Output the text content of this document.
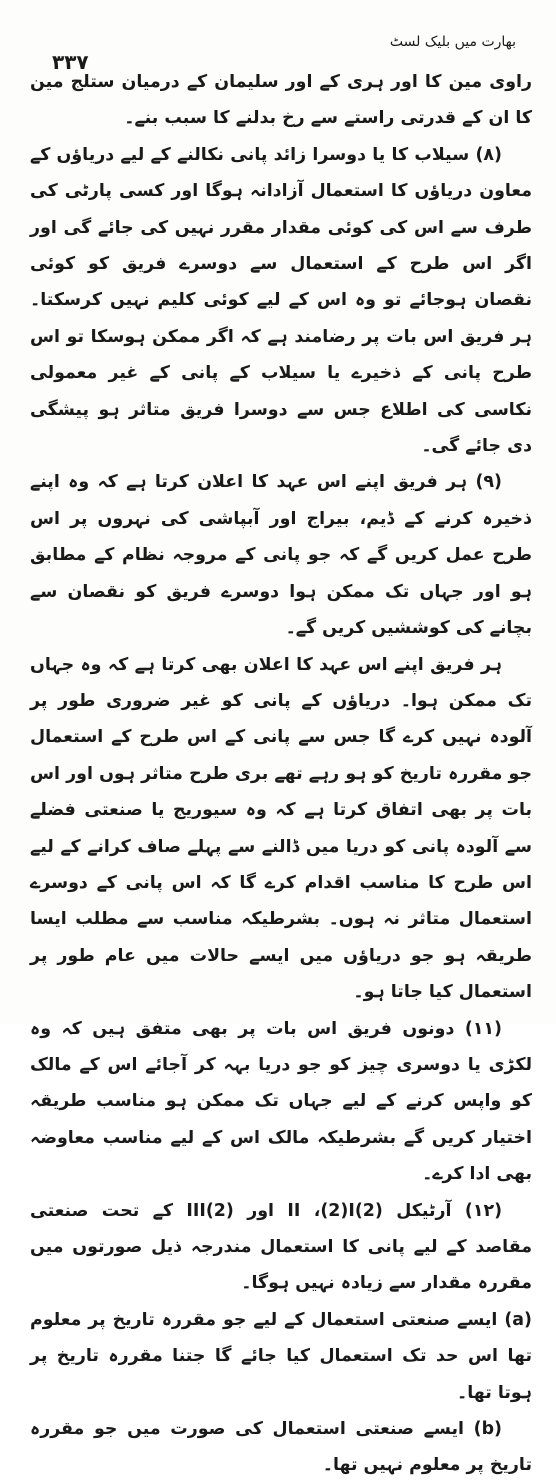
۳۳۷
بھارت میں بلیک لسٹ

راوی مین کا اور ہری کے اور سلیمان کے درمیان ستلج مین کا ان کے قدرتی راستے سے رخ بدلنے کا سبب بنے۔

(۸) سیلاب کا یا دوسرا زائد پانی نکالنے کے لیے دریاؤں کے معاون دریاؤں کا استعمال آزادانہ ہوگا اور کسی پارٹی کی طرف سے اس کی کوئی مقدار مقرر نہیں کی جائے گی اور اگر اس طرح کے استعمال سے دوسرے فریق کو کوئی نقصان ہوجائے تو وہ اس کے لیے کوئی کلیم نہیں کرسکتا۔ ہر فریق اس بات پر رضامند ہے کہ اگر ممکن ہوسکا تو اس طرح پانی کے ذخیرے یا سیلاب کے پانی کے غیر معمولی نکاسی کی اطلاع جس سے دوسرا فریق متاثر ہو پیشگی دی جائے گی۔

(۹) ہر فریق اپنے اس عہد کا اعلان کرتا ہے کہ وہ اپنے ذخیرہ کرنے کے ڈیم، بیراج اور آبپاشی کی نہروں پر اس طرح عمل کریں گے کہ جو پانی کے مروجہ نظام کے مطابق ہو اور جہاں تک ممکن ہوا دوسرے فریق کو نقصان سے بچانے کی کوششیں کریں گے۔

ہر فریق اپنے اس عہد کا اعلان بھی کرتا ہے کہ وہ جہاں تک ممکن ہوا۔ دریاؤں کے پانی کو غیر ضروری طور پر آلودہ نہیں کرے گا جس سے پانی کے اس طرح کے استعمال جو مقررہ تاریخ کو ہو رہے تھے بری طرح متاثر ہوں اور اس بات پر بھی اتفاق کرتا ہے کہ وہ سیوریج یا صنعتی فضلے سے آلودہ پانی کو دریا میں ڈالنے سے پہلے صاف کرانے کے لیے اس طرح کا مناسب اقدام کرے گا کہ اس پانی کے دوسرے استعمال متاثر نہ ہوں۔ بشرطیکہ مناسب سے مطلب ایسا طریقہ ہو جو دریاؤں میں ایسے حالات میں عام طور پر استعمال کیا جاتا ہو۔

(۱۱) دونوں فریق اس بات پر بھی متفق ہیں کہ وہ لکڑی یا دوسری چیز کو جو دریا بہہ کر آجائے اس کے مالک کو واپس کرنے کے لیے جہاں تک ممکن ہو مناسب طریقہ اختیار کریں گے بشرطیکہ مالک اس کے لیے مناسب معاوضہ بھی ادا کرے۔

(۱۲) آرٹیکل (2)II ،(2)I اور (2)III کے تحت صنعتی مقاصد کے لیے پانی کا استعمال مندرجہ ذیل صورتوں میں مقررہ مقدار سے زیادہ نہیں ہوگا۔

(a) ایسے صنعتی استعمال کے لیے جو مقررہ تاریخ پر معلوم تھا اس حد تک استعمال کیا جائے گا جتنا مقررہ تاریخ پر ہوتا تھا۔

(b) ایسے صنعتی استعمال کی صورت میں جو مقررہ تاریخ پر معلوم نہیں تھا۔
